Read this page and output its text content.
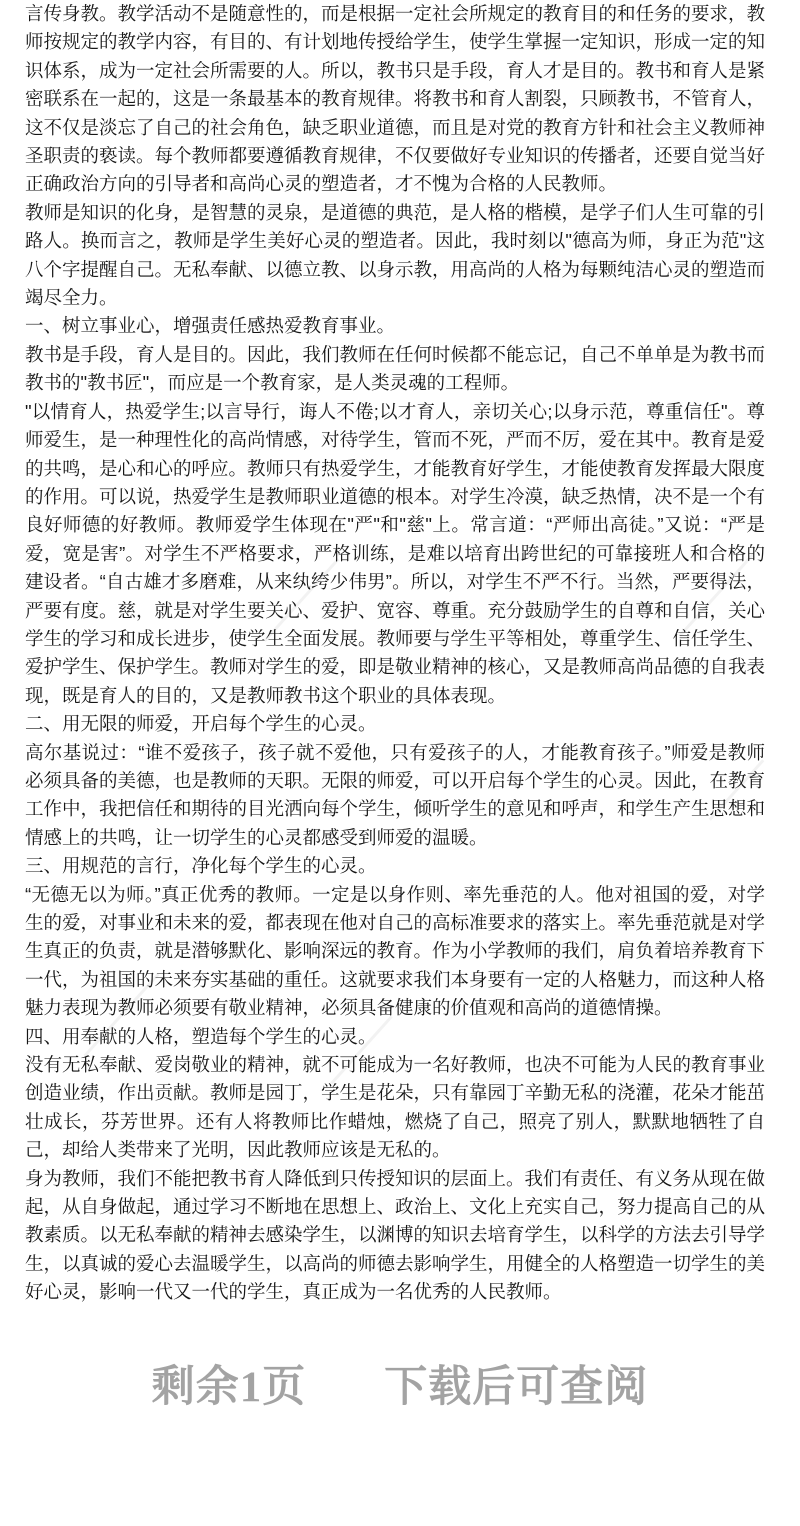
言传身教。教学活动不是随意性的，而是根据一定社会所规定的教育目的和任务的要求，教师按规定的教学内容，有目的、有计划地传授给学生，使学生掌握一定知识，形成一定的知

识体系，成为一定社会所需要的人。所以，教书只是手段，育人才是目的。教书和育人是紧密联系在一起的，这是一条最基本的教育规律。将教书和育人割裂，只顾教书，不管育人，这不仅是淡忘了自己的社会角色，缺乏职业道德，而且是对党的教育方针和社会主义教师神圣职责的亵读。每个教师都要遵循教育规律，不仅要做好专业知识的传播者，还要自觉当好正确政治方向的引导者和高尚心灵的塑造者，才不愧为合格的人民教师。

教师是知识的化身，是智慧的灵泉，是道德的典范，是人格的楷模，是学子们人生可靠的引路人。换而言之，教师是学生美好心灵的塑造者。因此，我时刻以"德高为师，身正为范"这八个字提醒自己。无私奉献、以德立教、以身示教，用高尚的人格为每颗纯洁心灵的塑造而竭尽全力。

一、树立事业心，增强责任感热爱教育事业。

教书是手段，育人是目的。因此，我们教师在任何时候都不能忘记，自己不单单是为教书而教书的"教书匠"，而应是一个教育家，是人类灵魂的工程师。

"以情育人，热爱学生;以言导行，诲人不倦;以才育人，亲切关心;以身示范，尊重信任"。尊师爱生，是一种理性化的高尚情感，对待学生，管而不死，严而不厉，爱在其中。教育是爱的共鸣，是心和心的呼应。教师只有热爱学生，才能教育好学生，才能使教育发挥最大限度的作用。可以说，热爱学生是教师职业道德的根本。对学生冷漠，缺乏热情，决不是一个有良好师德的好教师。教师爱学生体现在"严"和"慈"上。常言道：“严师出高徒。”又说：“严是爱，宽是害”。对学生不严格要求，严格训练，是难以培育出跨世纪的可靠接班人和合格的建设者。“自古雄才多磨难，从来纨绔少伟男”。所以，对学生不严不行。当然，严要得法，严要有度。慈，就是对学生要关心、爱护、宽容、尊重。充分鼓励学生的自尊和自信，关心学生的学习和成长进步，使学生全面发展。教师要与学生平等相处，尊重学生、信任学生、爱护学生、保护学生。教师对学生的爱，即是敬业精神的核心，又是教师高尚品德的自我表现，既是育人的目的，又是教师教书这个职业的具体表现。

二、用无限的师爱，开启每个学生的心灵。

高尔基说过：“谁不爱孩子，孩子就不爱他，只有爱孩子的人，才能教育孩子。”师爱是教师必须具备的美德，也是教师的天职。无限的师爱，可以开启每个学生的心灵。因此，在教育工作中，我把信任和期待的目光洒向每个学生，倾听学生的意见和呼声，和学生产生思想和情感上的共鸣，让一切学生的心灵都感受到师爱的温暖。

三、用规范的言行，净化每个学生的心灵。

“无德无以为师。”真正优秀的教师。一定是以身作则、率先垂范的人。他对祖国的爱，对学生的爱，对事业和未来的爱，都表现在他对自己的高标准要求的落实上。率先垂范就是对学生真正的负责，就是潜够默化、影响深远的教育。作为小学教师的我们，肩负着培养教育下一代，为祖国的未来夯实基础的重任。这就要求我们本身要有一定的人格魅力，而这种人格魅力表现为教师必须要有敬业精神，必须具备健康的价值观和高尚的道德情操。

四、用奉献的人格，塑造每个学生的心灵。

没有无私奉献、爱岗敬业的精神，就不可能成为一名好教师，也决不可能为人民的教育事业创造业绩，作出贡献。教师是园丁，学生是花朵，只有靠园丁辛勤无私的浇灌，花朵才能茁壮成长，芬芳世界。还有人将教师比作蜡烛，燃烧了自己，照亮了别人，默默地牺牲了自己，却给人类带来了光明，因此教师应该是无私的。

身为教师，我们不能把教书育人降低到只传授知识的层面上。我们有责任、有义务从现在做起，从自身做起，通过学习不断地在思想上、政治上、文化上充实自己，努力提高自己的从教素质。以无私奉献的精神去感染学生，以渊博的知识去培育学生，以科学的方法去引导学生，以真诚的爱心去温暖学生，以高尚的师德去影响学生，用健全的人格塑造一切学生的美好心灵，影响一代又一代的学生，真正成为一名优秀的人民教师。

剩余1页 下载后可查阅
